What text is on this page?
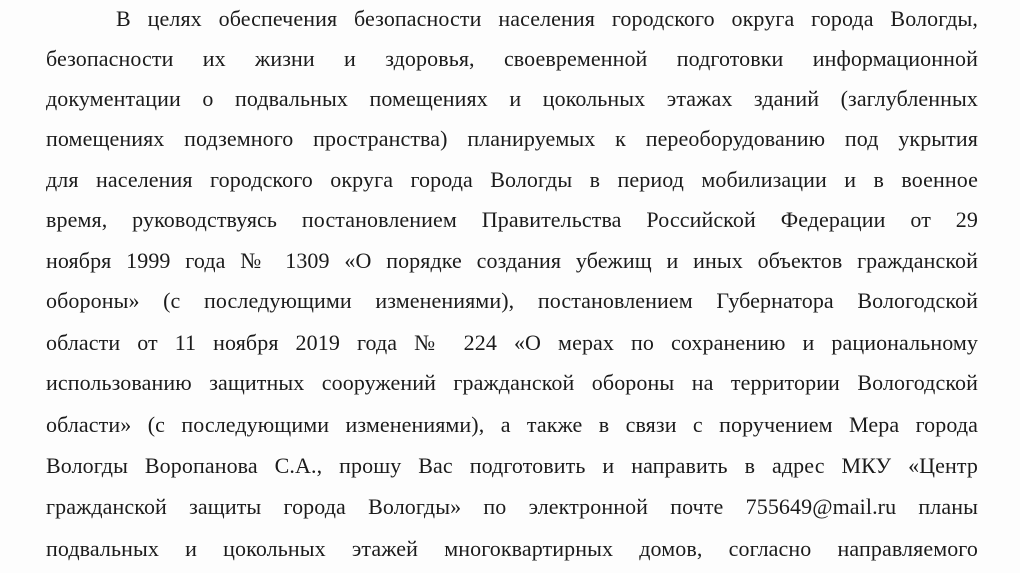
В целях обеспечения безопасности населения городского округа города Вологды,
безопасности их жизни и здоровья, своевременной подготовки информационной
документации о подвальных помещениях и цокольных этажах зданий (заглубленных
помещениях подземного пространства) планируемых к переоборудованию под укрытия
для населения городского округа города Вологды в период мобилизации и в военное
время, руководствуясь постановлением Правительства Российской Федерации от 29
ноября 1999 года № 1309 «О порядке создания убежищ и иных объектов гражданской
обороны» (с последующими изменениями), постановлением Губернатора Вологодской
области от 11 ноября 2019 года № 224 «О мерах по сохранению и рациональному
использованию защитных сооружений гражданской обороны на территории Вологодской
области» (с последующими изменениями), а также в связи с поручением Мера города
Вологды Воропанова С.А., прошу Вас подготовить и направить в адрес МКУ «Центр
гражданской защиты города Вологды» по электронной почте 755649@mail.ru планы
подвальных и цокольных этажей многоквартирных домов, согласно направляемого
